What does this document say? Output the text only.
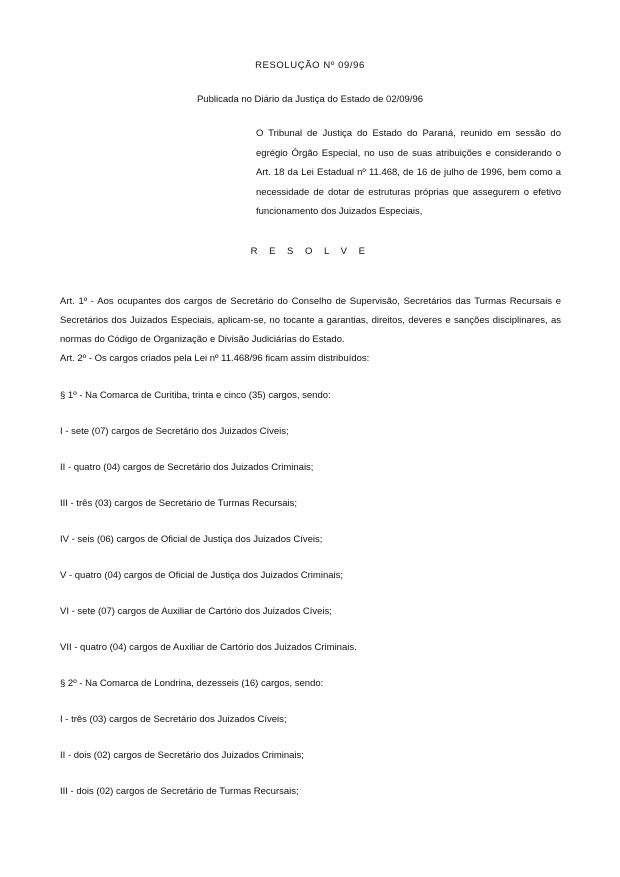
RESOLUÇÃO Nº 09/96

Publicada no Diário da Justiça do Estado de 02/09/96

O Tribunal de Justiça do Estado do Paraná, reunido em sessão do egrégio Órgão Especial, no uso de suas atribuições e considerando o Art. 18 da Lei Estadual nº 11.468, de 16 de julho de 1996, bem como a necessidade de dotar de estruturas próprias que assegurem o efetivo funcionamento dos Juizados Especiais,

R E S O L V E

Art. 1º - Aos ocupantes dos cargos de Secretário do Conselho de Supervisão, Secretários das Turmas Recursais e Secretários dos Juizados Especiais, aplicam-se, no tocante a garantias, direitos, deveres e sanções disciplinares, as normas do Código de Organização e Divisão Judiciárias do Estado.

Art. 2º - Os cargos criados pela Lei nº 11.468/96 ficam assim distribuídos:

§ 1º - Na Comarca de Curitiba, trinta e cinco (35) cargos, sendo:

I - sete (07) cargos de Secretário dos Juizados Cíveis;

II - quatro (04) cargos de Secretário dos Juizados Criminais;

III - três (03) cargos de Secretário de Turmas Recursais;

IV - seis (06) cargos de Oficial de Justiça dos Juizados Cíveis;

V - quatro (04) cargos de Oficial de Justiça dos Juizados Criminais;

VI - sete (07) cargos de Auxiliar de Cartório dos Juizados Cíveis;

VII - quatro (04) cargos de Auxiliar de Cartório dos Juizados Criminais.

§ 2º - Na Comarca de Londrina, dezesseis (16) cargos, sendo:

I - três (03) cargos de Secretário dos Juizados Cíveis;

II - dois (02) cargos de Secretário dos Juizados Criminais;

III - dois (02) cargos de Secretário de Turmas Recursais;
